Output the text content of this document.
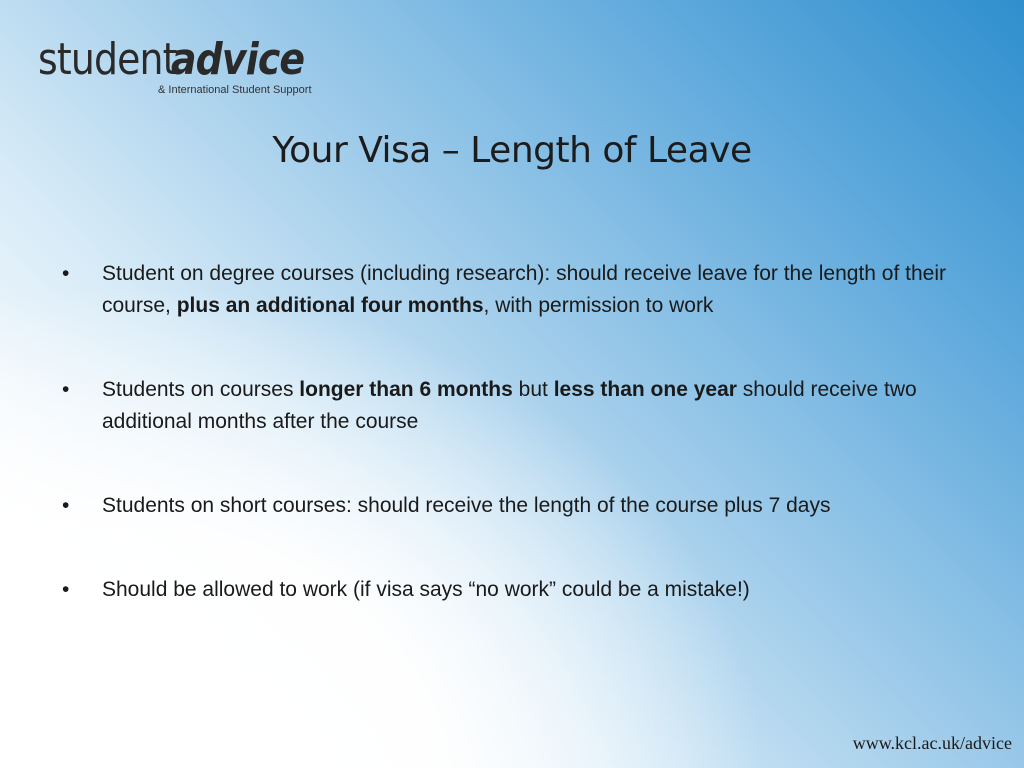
studentadvice
& International Student Support
Your Visa – Length of Leave
•	Student on degree courses (including research): should receive leave for the length of their course, plus an additional four months, with permission to work
•	Students on courses longer than 6 months but less than one year should receive two additional months after the course
•	Students on short courses: should receive the length of the course plus 7 days
•	Should be allowed to work (if visa says “no work” could be a mistake!)
www.kcl.ac.uk/advice
